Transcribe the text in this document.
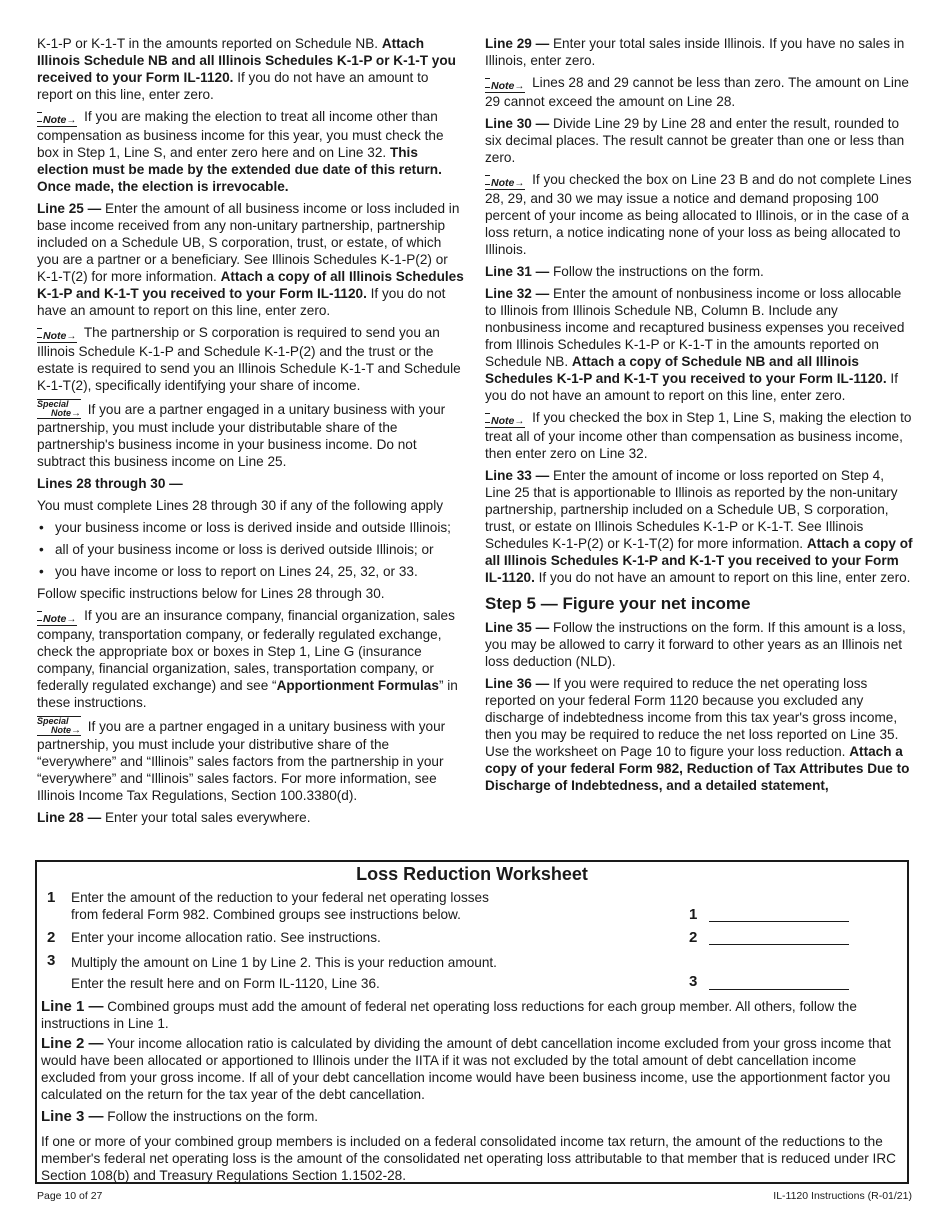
K-1-P or K-1-T in the amounts reported on Schedule NB. Attach Illinois Schedule NB and all Illinois Schedules K-1-P or K-1-T you received to your Form IL-1120. If you do not have an amount to report on this line, enter zero.

Note→ If you are making the election to treat all income other than compensation as business income for this year, you must check the box in Step 1, Line S, and enter zero here and on Line 32. This election must be made by the extended due date of this return. Once made, the election is irrevocable.

Line 25 — Enter the amount of all business income or loss included in base income received from any non-unitary partnership, partnership included on a Schedule UB, S corporation, trust, or estate, of which you are a partner or a beneficiary. See Illinois Schedules K-1-P(2) or K-1-T(2) for more information. Attach a copy of all Illinois Schedules K-1-P and K-1-T you received to your Form IL-1120. If you do not have an amount to report on this line, enter zero.

Note→ The partnership or S corporation is required to send you an Illinois Schedule K-1-P and Schedule K-1-P(2) and the trust or the estate is required to send you an Illinois Schedule K-1-T and Schedule K-1-T(2), specifically identifying your share of income.

Special
Note→ If you are a partner engaged in a unitary business with your partnership, you must include your distributable share of the partnership's business income in your business income. Do not subtract this business income on Line 25.

Lines 28 through 30 —

You must complete Lines 28 through 30 if any of the following apply

• your business income or loss is derived inside and outside Illinois;
• all of your business income or loss is derived outside Illinois; or
• you have income or loss to report on Lines 24, 25, 32, or 33.

Follow specific instructions below for Lines 28 through 30.

Note→ If you are an insurance company, financial organization, sales company, transportation company, or federally regulated exchange, check the appropriate box or boxes in Step 1, Line G (insurance company, financial organization, sales, transportation company, or federally regulated exchange) and see “Apportionment Formulas” in these instructions.

Special
Note→ If you are a partner engaged in a unitary business with your partnership, you must include your distributive share of the “everywhere” and “Illinois” sales factors from the partnership in your “everywhere” and “Illinois” sales factors. For more information, see Illinois Income Tax Regulations, Section 100.3380(d).

Line 28 — Enter your total sales everywhere.

Line 29 — Enter your total sales inside Illinois. If you have no sales in Illinois, enter zero.

Note→ Lines 28 and 29 cannot be less than zero. The amount on Line 29 cannot exceed the amount on Line 28.

Line 30 — Divide Line 29 by Line 28 and enter the result, rounded to six decimal places. The result cannot be greater than one or less than zero.

Note→ If you checked the box on Line 23 B and do not complete Lines 28, 29, and 30 we may issue a notice and demand proposing 100 percent of your income as being allocated to Illinois, or in the case of a loss return, a notice indicating none of your loss as being allocated to Illinois.

Line 31 — Follow the instructions on the form.

Line 32 — Enter the amount of nonbusiness income or loss allocable to Illinois from Illinois Schedule NB, Column B. Include any nonbusiness income and recaptured business expenses you received from Illinois Schedules K-1-P or K-1-T in the amounts reported on Schedule NB. Attach a copy of Schedule NB and all Illinois Schedules K-1-P and K-1-T you received to your Form IL-1120. If you do not have an amount to report on this line, enter zero.

Note→ If you checked the box in Step 1, Line S, making the election to treat all of your income other than compensation as business income, then enter zero on Line 32.

Line 33 — Enter the amount of income or loss reported on Step 4, Line 25 that is apportionable to Illinois as reported by the non-unitary partnership, partnership included on a Schedule UB, S corporation, trust, or estate on Illinois Schedules K-1-P or K-1-T. See Illinois Schedules K-1-P(2) or K-1-T(2) for more information. Attach a copy of all Illinois Schedules K-1-P and K-1-T you received to your Form IL-1120. If you do not have an amount to report on this line, enter zero.

Step 5 — Figure your net income

Line 35 — Follow the instructions on the form. If this amount is a loss, you may be allowed to carry it forward to other years as an Illinois net loss deduction (NLD).

Line 36 — If you were required to reduce the net operating loss reported on your federal Form 1120 because you excluded any discharge of indebtedness income from this tax year's gross income, then you may be required to reduce the net loss reported on Line 35. Use the worksheet on Page 10 to figure your loss reduction. Attach a copy of your federal Form 982, Reduction of Tax Attributes Due to Discharge of Indebtedness, and a detailed statement,

Loss Reduction Worksheet
1 Enter the amount of the reduction to your federal net operating losses
from federal Form 982. Combined groups see instructions below.	1
2 Enter your income allocation ratio. See instructions.	2
3 Multiply the amount on Line 1 by Line 2. This is your reduction amount.
Enter the result here and on Form IL-1120, Line 36.	3
Line 1 — Combined groups must add the amount of federal net operating loss reductions for each group member. All others, follow the instructions in Line 1.
Line 2 — Your income allocation ratio is calculated by dividing the amount of debt cancellation income excluded from your gross income that would have been allocated or apportioned to Illinois under the IITA if it was not excluded by the total amount of debt cancellation income excluded from your gross income. If all of your debt cancellation income would have been business income, use the apportionment factor you calculated on the return for the tax year of the debt cancellation.
Line 3 — Follow the instructions on the form.
If one or more of your combined group members is included on a federal consolidated income tax return, the amount of the reductions to the member's federal net operating loss is the amount of the consolidated net operating loss attributable to that member that is reduced under IRC Section 108(b) and Treasury Regulations Section 1.1502-28.
Page 10 of 27	IL-1120 Instructions (R-01/21)
